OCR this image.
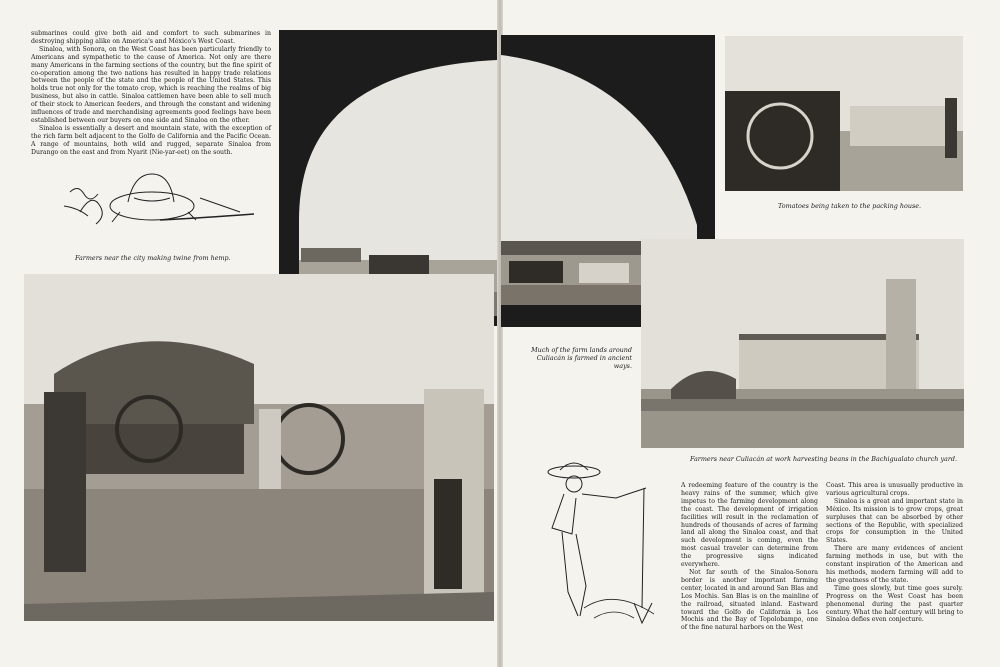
submarines could give both aid and comfort to such submarines in destroying shipping alike on America's and México's West Coast.

Sinaloa, with Sonora, on the West Coast has been particularly friendly to Americans and sympathetic to the cause of America. Not only are there many Americans in the farming sections of the country, but the fine spirit of co-operation among the two nations has resulted in happy trade relations between the people of the state and the people of the United States. This holds true not only for the tomato crop, which is reaching the realms of big business, but also in cattle. Sinaloa cattlemen have been able to sell much of their stock to American feeders, and through the constant and widening influences of trade and merchandising agreements good feelings have been established between our buyers on one side and Sinaloa on the other.

Sinaloa is essentially a desert and mountain state, with the exception of the rich farm belt adjacent to the Golfo de California and the Pacific Ocean. A range of mountains, both wild and rugged, separate Sinaloa from Durango on the east and from Nyarit (Nie-yar-eet) on the south.

Farmers near the city making twine from hemp.
Much of the farm lands around Culiacán is farmed in ancient ways.
Tomatoes being taken to the packing house.
Farmers near Culiacán at work harvesting beans in the Bachigualato church yard.

A redeeming feature of the country is the heavy rains of the summer, which give impetus to the farming development along the coast. The development of irrigation facilities will result in the reclamation of hundreds of thousands of acres of farming land all along the Sinaloa coast, and that such development is coming, even the most casual traveler can determine from the progressive signs indicated everywhere.

Not far south of the Sinaloa-Sonora border is another important farming center, located in and around San Blas and Los Mochis. San Blas is on the mainline of the railroad, situated inland. Eastward toward the Golfo de California is Los Mochis and the Bay of Topolobampo, one of the fine natural harbors on the West

Coast. This area is unusually productive in various agricultural crops.

Sinaloa is a great and important state in México. Its mission is to grow crops, great surpluses that can be absorbed by other sections of the Republic, with specialized crops for consumption in the United States.

There are many evidences of ancient farming methods in use, but with the constant inspiration of the American and his methods, modern farming will add to the greatness of the state.

Time goes slowly, but time goes surely. Progress on the West Coast has been phenomenal during the past quarter century. What the half century will bring to Sinaloa defies even conjecture.
